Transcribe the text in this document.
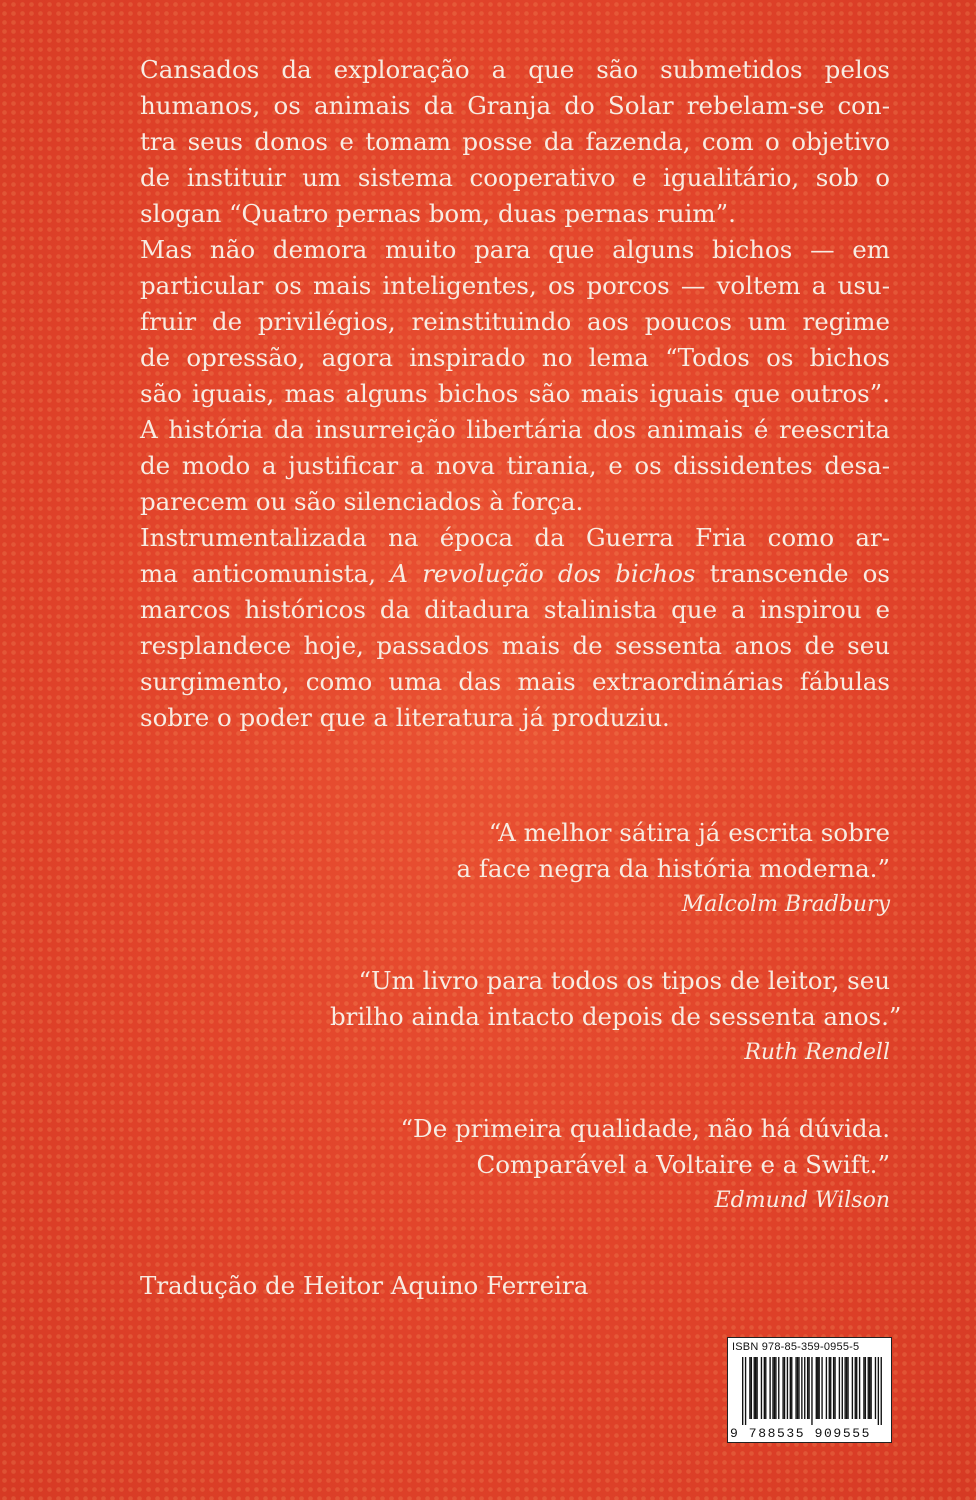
Cansados da exploração a que são submetidos pelos
humanos, os animais da Granja do Solar rebelam-se con-
tra seus donos e tomam posse da fazenda, com o objetivo
de instituir um sistema cooperativo e igualitário, sob o
slogan “Quatro pernas bom, duas pernas ruim”.
Mas não demora muito para que alguns bichos — em
particular os mais inteligentes, os porcos — voltem a usu-
fruir de privilégios, reinstituindo aos poucos um regime
de opressão, agora inspirado no lema “Todos os bichos
são iguais, mas alguns bichos são mais iguais que outros”.
A história da insurreição libertária dos animais é reescrita
de modo a justificar a nova tirania, e os dissidentes desa-
parecem ou são silenciados à força.
Instrumentalizada na época da Guerra Fria como ar-
ma anticomunista, A revolução dos bichos transcende os
marcos históricos da ditadura stalinista que a inspirou e
resplandece hoje, passados mais de sessenta anos de seu
surgimento, como uma das mais extraordinárias fábulas
sobre o poder que a literatura já produziu.
“A melhor sátira já escrita sobre
a face negra da história moderna.”
Malcolm Bradbury
“Um livro para todos os tipos de leitor, seu
brilho ainda intacto depois de sessenta anos.”
Ruth Rendell
“De primeira qualidade, não há dúvida.
Comparável a Voltaire e a Swift.”
Edmund Wilson
Tradução de Heitor Aquino Ferreira
ISBN 978-85-359-0955-5
9 788535 909555
